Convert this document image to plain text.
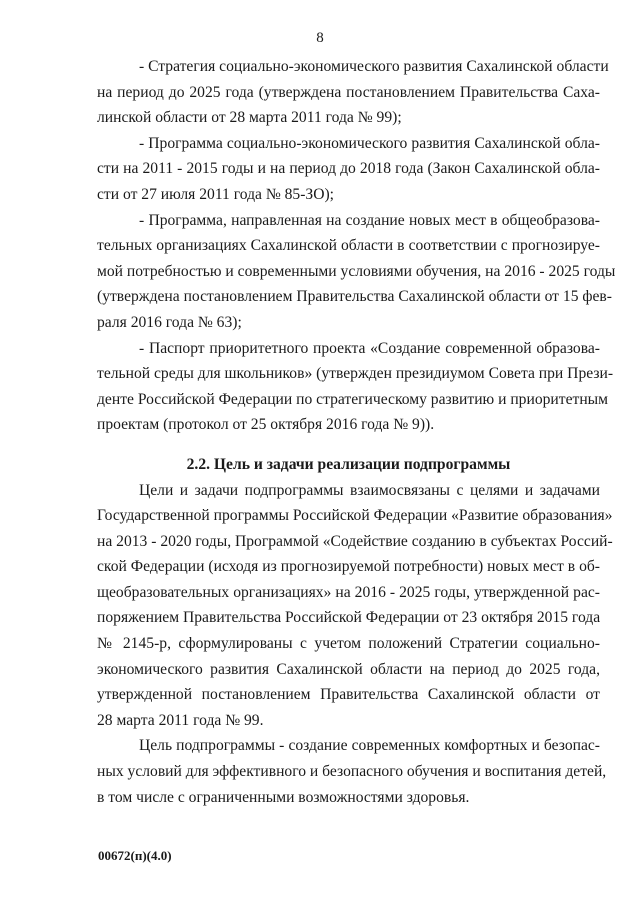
8
- Стратегия социально-экономического развития Сахалинской области
на период до 2025 года (утверждена постановлением Правительства Саха-
линской области от 28 марта 2011 года № 99);
- Программа социально-экономического развития Сахалинской обла-
сти на 2011 - 2015 годы и на период до 2018 года (Закон Сахалинской обла-
сти от 27 июля 2011 года № 85-ЗО);
- Программа, направленная на создание новых мест в общеобразова-
тельных организациях Сахалинской области в соответствии с прогнозируе-
мой потребностью и современными условиями обучения, на 2016 - 2025 годы
(утверждена постановлением Правительства Сахалинской области от 15 фев-
раля 2016 года № 63);
- Паспорт приоритетного проекта «Создание современной образова-
тельной среды для школьников» (утвержден президиумом Совета при Прези-
денте Российской Федерации по стратегическому развитию и приоритетным
проектам (протокол от 25 октября 2016 года № 9)).
2.2. Цель и задачи реализации подпрограммы
Цели и задачи подпрограммы взаимосвязаны с целями и задачами
Государственной программы Российской Федерации «Развитие образования»
на 2013 - 2020 годы, Программой «Содействие созданию в субъектах Россий-
ской Федерации (исходя из прогнозируемой потребности) новых мест в об-
щеобразовательных организациях» на 2016 - 2025 годы, утвержденной рас-
поряжением Правительства Российской Федерации от 23 октября 2015 года
№ 2145-р, сформулированы с учетом положений Стратегии социально-
экономического развития Сахалинской области на период до 2025 года,
утвержденной постановлением Правительства Сахалинской области от
28 марта 2011 года № 99.
Цель подпрограммы - создание современных комфортных и безопас-
ных условий для эффективного и безопасного обучения и воспитания детей,
в том числе с ограниченными возможностями здоровья.
00672(п)(4.0)
